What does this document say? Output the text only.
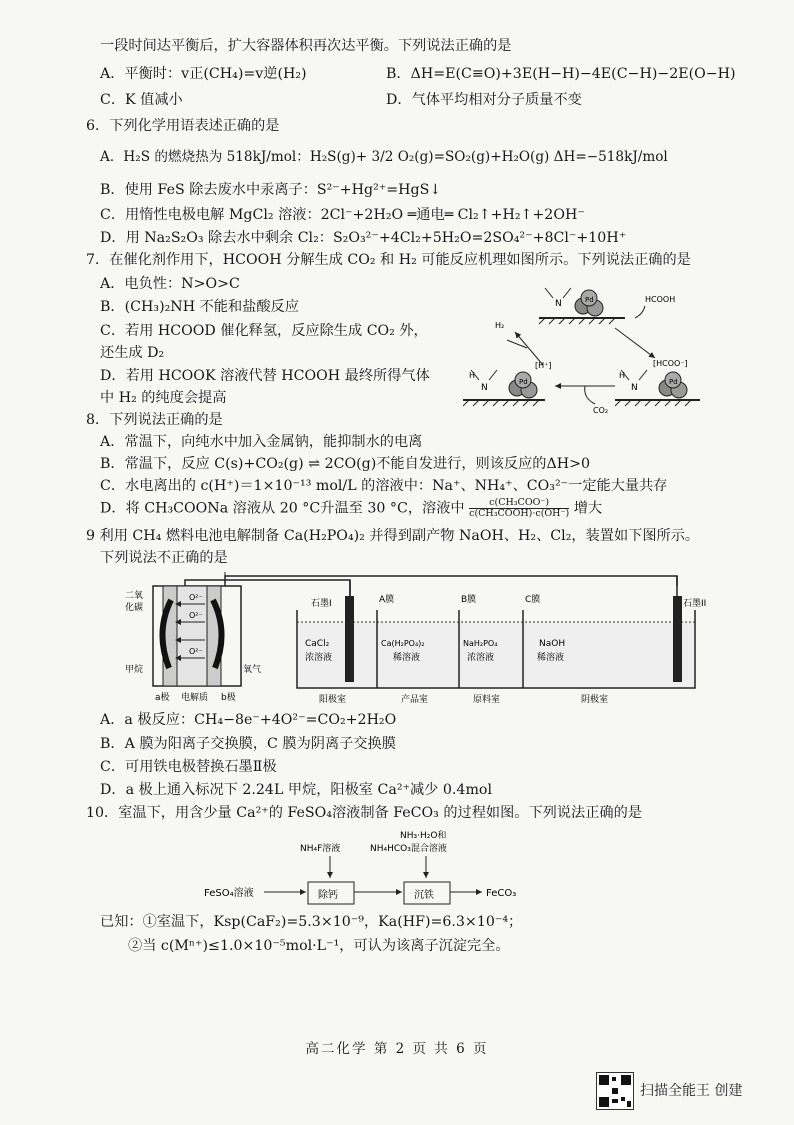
一段时间达平衡后，扩大容器体积再次达平衡。下列说法正确的是
A．平衡时：v正(CH₄)=v逆(H₂)	B．ΔH=E(C≡O)+3E(H−H)−4E(C−H)−2E(O−H)
C．K 值减小	D．气体平均相对分子质量不变
6．下列化学用语表述正确的是
A．H₂S 的燃烧热为 518kJ/mol：H₂S(g)+ 3/2 O₂(g)=SO₂(g)+H₂O(g) ΔH=−518kJ/mol
B．使用 FeS 除去废水中汞离子：S²⁻+Hg²⁺=HgS↓
C．用惰性电极电解 MgCl₂ 溶液：2Cl⁻+2H₂O ═通电═ Cl₂↑+H₂↑+2OH⁻
D．用 Na₂S₂O₃ 除去水中剩余 Cl₂：S₂O₃²⁻+4Cl₂+5H₂O=2SO₄²⁻+8Cl⁻+10H⁺
7．在催化剂作用下，HCOOH 分解生成 CO₂ 和 H₂ 可能反应机理如图所示。下列说法正确的是
A．电负性：N>O>C
B．(CH₃)₂NH 不能和盐酸反应
C．若用 HCOOD 催化释氢，反应除生成 CO₂ 外，
还生成 D₂
D．若用 HCOOK 溶液代替 HCOOH 最终所得气体
中 H₂ 的纯度会提高
Pd
N	HCOOH
H₂
CO₂
[H⁺]	[HCOO⁻]
Pd
N
H
Pd
N
H
8．下列说法正确的是
A．常温下，向纯水中加入金属钠，能抑制水的电离
B．常温下，反应 C(s)+CO₂(g) ⇌ 2CO(g)不能自发进行，则该反应的ΔH>0
C．水电离出的 c(H⁺)＝1×10⁻¹³ mol/L 的溶液中：Na⁺、NH₄⁺、CO₃²⁻一定能大量共存
D．将 CH₃COONa 溶液从 20 °C升温至 30 °C，溶液中 $\frac{\text{c(CH₃COO⁻)}}{\text{c(CH₃COOH)·c(OH⁻)}}$ 增大
9 利用 CH₄ 燃料电池电解制备 Ca(H₂PO₄)₂ 并得到副产物 NaOH、H₂、Cl₂，装置如下图所示。
下列说法不正确的是
O²⁻
O²⁻
O²⁻
二氧
化碳
甲烷	氧气
a极 电解质 b极
石墨I	石墨II
A膜	B膜	C膜
CaCl₂
浓溶液
Ca(H₂PO₄)₂
稀溶液
NaH₂PO₄
浓溶液
NaOH
稀溶液
阳极室	产品室	原料室	阴极室
A．a 极反应：CH₄−8e⁻+4O²⁻=CO₂+2H₂O
B．A 膜为阳离子交换膜，C 膜为阴离子交换膜
C．可用铁电极替换石墨Ⅱ极
D．a 极上通入标况下 2.24L 甲烷，阳极室 Ca²⁺减少 0.4mol
10．室温下，用含少量 Ca²⁺的 FeSO₄溶液制备 FeCO₃ 的过程如图。下列说法正确的是
NH₃·H₂O和
NH₄HCO₃混合溶液
NH₄F溶液
FeSO₄溶液	除钙	沉铁	FeCO₃
已知：①室温下，Ksp(CaF₂)=5.3×10⁻⁹，Ka(HF)=6.3×10⁻⁴；
②当 c(Mⁿ⁺)≤1.0×10⁻⁵mol·L⁻¹，可认为该离子沉淀完全。
高二化学 第 2 页 共 6 页
扫描全能王 创建
